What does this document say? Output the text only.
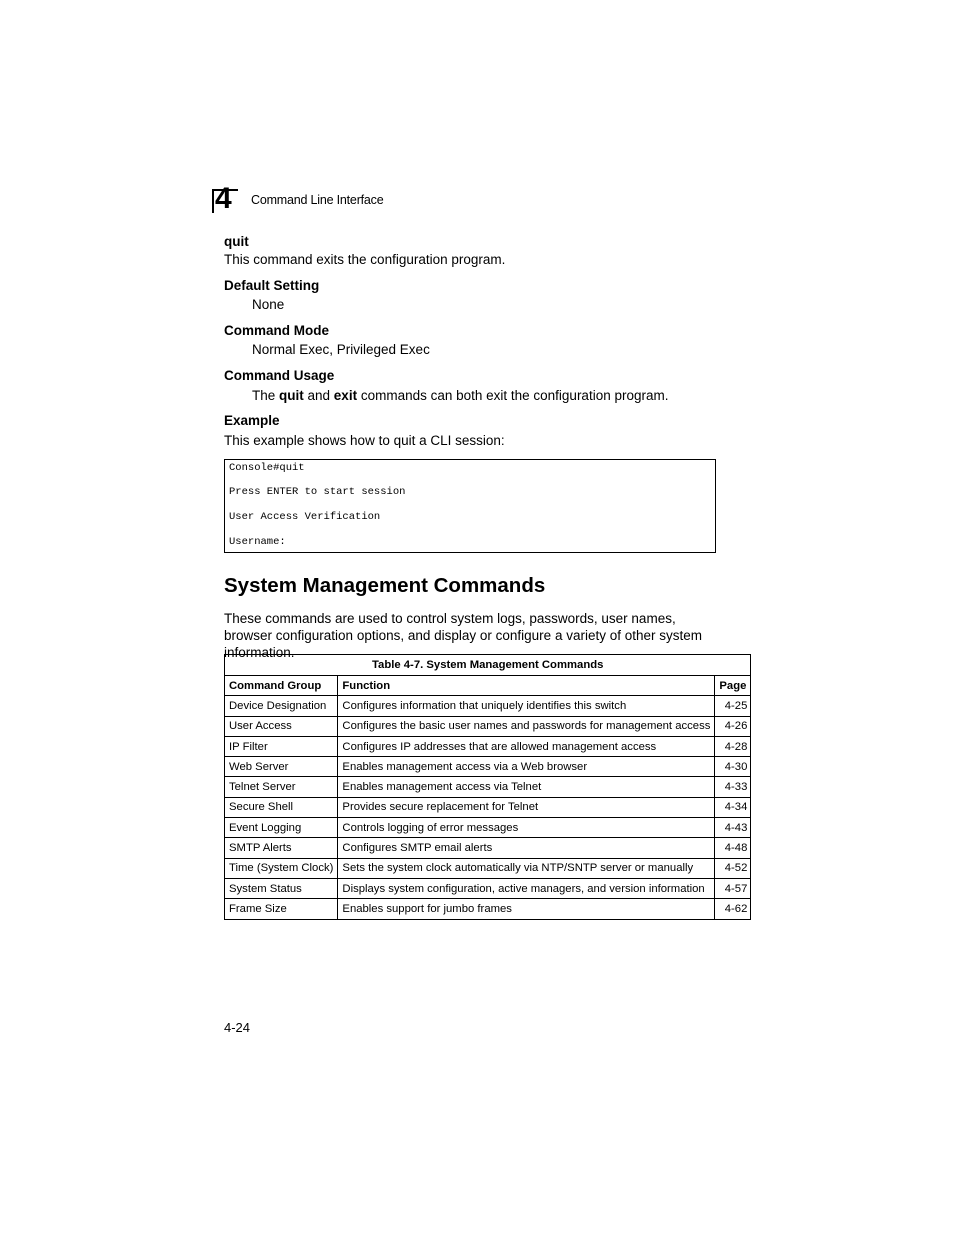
4 Command Line Interface
quit
This command exits the configuration program.
Default Setting
None
Command Mode
Normal Exec, Privileged Exec
Command Usage
The quit and exit commands can both exit the configuration program.
Example
This example shows how to quit a CLI session:
Console#quit
Press ENTER to start session
User Access Verification
Username:
System Management Commands
These commands are used to control system logs, passwords, user names, browser configuration options, and display or configure a variety of other system information.
Table 4-7. System Management Commands		
Command Group	Function	Page
Device Designation	Configures information that uniquely identifies this switch	4-25
User Access	Configures the basic user names and passwords for management access	4-26
IP Filter	Configures IP addresses that are allowed management access	4-28
Web Server	Enables management access via a Web browser	4-30
Telnet Server	Enables management access via Telnet	4-33
Secure Shell	Provides secure replacement for Telnet	4-34
Event Logging	Controls logging of error messages	4-43
SMTP Alerts	Configures SMTP email alerts	4-48
Time (System Clock)	Sets the system clock automatically via NTP/SNTP server or manually	4-52
System Status	Displays system configuration, active managers, and version information	4-57
Frame Size	Enables support for jumbo frames	4-62
4-24
